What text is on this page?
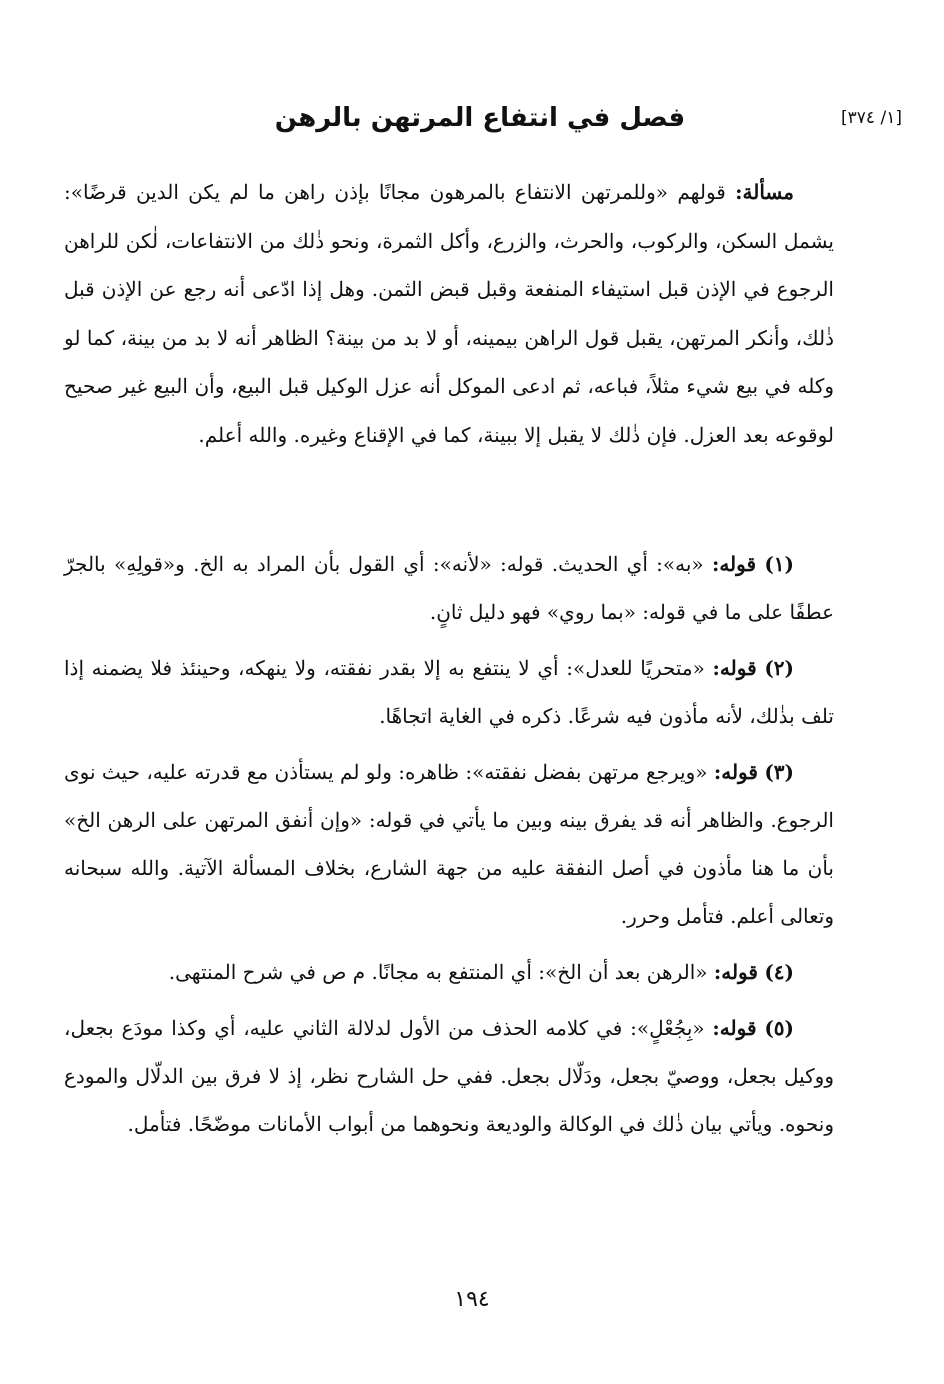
فصل في انتفاع المرتهن بالرهن	[١/ ٣٧٤]

مسألة: قولهم «وللمرتهن الانتفاع بالمرهون مجانًا بإذن راهن ما لم يكن الدين قرضًا»: يشمل السكن، والركوب، والحرث، والزرع، وأكل الثمرة، ونحو ذٰلك من الانتفاعات، لٰكن للراهن الرجوع في الإذن قبل استيفاء المنفعة وقبل قبض الثمن. وهل إذا ادّعى أنه رجع عن الإذن قبل ذٰلك، وأنكر المرتهن، يقبل قول الراهن بيمينه، أو لا بد من بينة؟ الظاهر أنه لا بد من بينة، كما لو وكله في بيع شيء مثلاً، فباعه، ثم ادعى الموكل أنه عزل الوكيل قبل البيع، وأن البيع غير صحيح لوقوعه بعد العزل. فإن ذٰلك لا يقبل إلا ببينة، كما في الإقناع وغيره. والله أعلم.

(١) قوله: «به»: أي الحديث. قوله: «لأنه»: أي القول بأن المراد به الخ. و«قولِهِ» بالجرّ عطفًا على ما في قوله: «بما روي» فهو دليل ثانٍ.

(٢) قوله: «متحريًا للعدل»: أي لا ينتفع به إلا بقدر نفقته، ولا ينهكه، وحينئذ فلا يضمنه إذا تلف بذٰلك، لأنه مأذون فيه شرعًا. ذكره في الغاية اتجاهًا.

(٣) قوله: «ويرجع مرتهن بفضل نفقته»: ظاهره: ولو لم يستأذن مع قدرته عليه، حيث نوى الرجوع. والظاهر أنه قد يفرق بينه وبين ما يأتي في قوله: «وإن أنفق المرتهن على الرهن الخ» بأن ما هنا مأذون في أصل النفقة عليه من جهة الشارع، بخلاف المسألة الآتية. والله سبحانه وتعالى أعلم. فتأمل وحرر.

(٤) قوله: «الرهن بعد أن الخ»: أي المنتفع به مجانًا. م ص في شرح المنتهى.

(٥) قوله: «بِجُعْلٍ»: في كلامه الحذف من الأول لدلالة الثاني عليه، أي وكذا مودَع بجعل، ووكيل بجعل، ووصيّ بجعل، ودَلّال بجعل. ففي حل الشارح نظر، إذ لا فرق بين الدلّال والمودع ونحوه. ويأتي بيان ذٰلك في الوكالة والوديعة ونحوهما من أبواب الأمانات موضّحًا. فتأمل.

١٩٤
